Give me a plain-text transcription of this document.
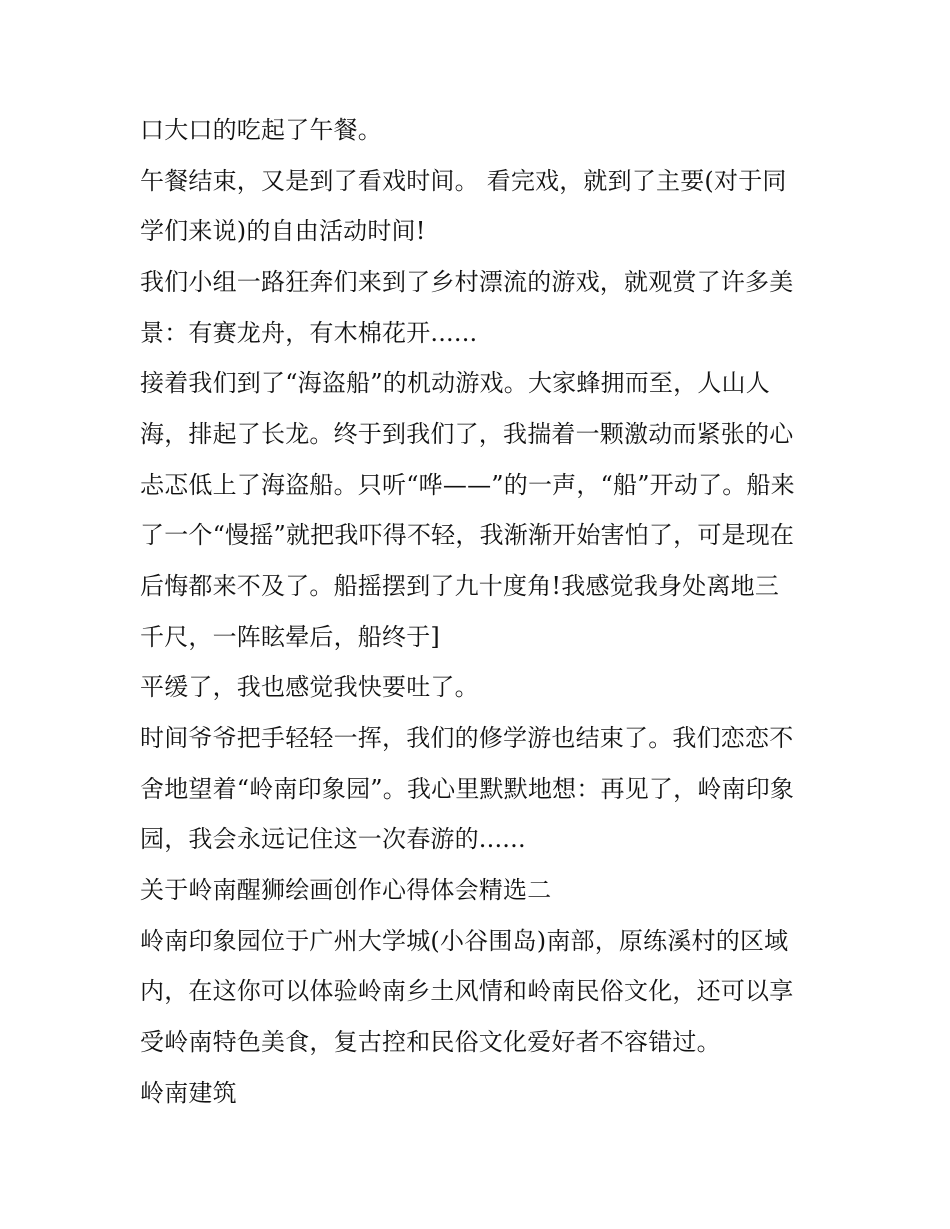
口大口的吃起了午餐。
午餐结束，又是到了看戏时间。 看完戏，就到了主要(对于同
学们来说)的自由活动时间!
我们小组一路狂奔们来到了乡村漂流的游戏，就观赏了许多美
景：有赛龙舟，有木棉花开......
接着我们到了“海盗船”的机动游戏。大家蜂拥而至，人山人
海，排起了长龙。终于到我们了，我揣着一颗激动而紧张的心
忐忑低上了海盗船。只听“哗——”的一声，“船”开动了。船来
了一个“慢摇”就把我吓得不轻，我渐渐开始害怕了，可是现在
后悔都来不及了。船摇摆到了九十度角!我感觉我身处离地三
千尺，一阵眩晕后，船终于]
平缓了，我也感觉我快要吐了。
时间爷爷把手轻轻一挥，我们的修学游也结束了。我们恋恋不
舍地望着“岭南印象园”。我心里默默地想：再见了，岭南印象
园，我会永远记住这一次春游的......
关于岭南醒狮绘画创作心得体会精选二
岭南印象园位于广州大学城(小谷围岛)南部，原练溪村的区域
内，在这你可以体验岭南乡土风情和岭南民俗文化，还可以享
受岭南特色美食，复古控和民俗文化爱好者不容错过。
岭南建筑
